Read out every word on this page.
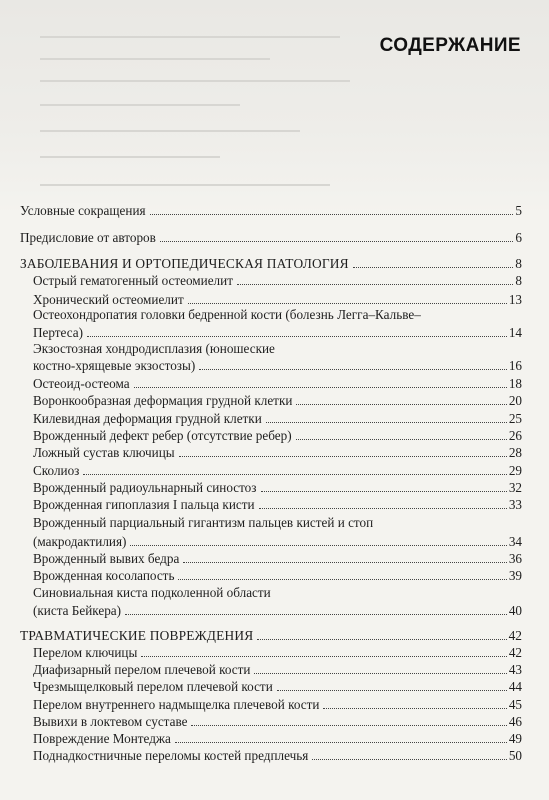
СОДЕРЖАНИЕ
Условные сокращения	5
Предисловие от авторов	6
ЗАБОЛЕВАНИЯ И ОРТОПЕДИЧЕСКАЯ ПАТОЛОГИЯ	8
Острый гематогенный остеомиелит	8
Хронический остеомиелит	13
Остеохондропатия головки бедренной кости (болезнь Легга–Кальве–
Пертеса)	14
Экзостозная хондродисплазия (юношеские
костно-хрящевые экзостозы)	16
Остеоид-остеома	18
Воронкообразная деформация грудной клетки	20
Килевидная деформация грудной клетки	25
Врожденный дефект ребер (отсутствие ребер)	26
Ложный сустав ключицы	28
Сколиоз	29
Врожденный радиоульнарный синостоз	32
Врожденная гипоплазия I пальца кисти	33
Врожденный парциальный гигантизм пальцев кистей и стоп
(макродактилия)	34
Врожденный вывих бедра	36
Врожденная косолапость	39
Синовиальная киста подколенной области
(киста Бейкера)	40
ТРАВМАТИЧЕСКИЕ ПОВРЕЖДЕНИЯ	42
Перелом ключицы	42
Диафизарный перелом плечевой кости	43
Чрезмыщелковый перелом плечевой кости	44
Перелом внутреннего надмыщелка плечевой кости	45
Вывихи в локтевом суставе	46
Повреждение Монтеджа	49
Поднадкостничные переломы костей предплечья	50
